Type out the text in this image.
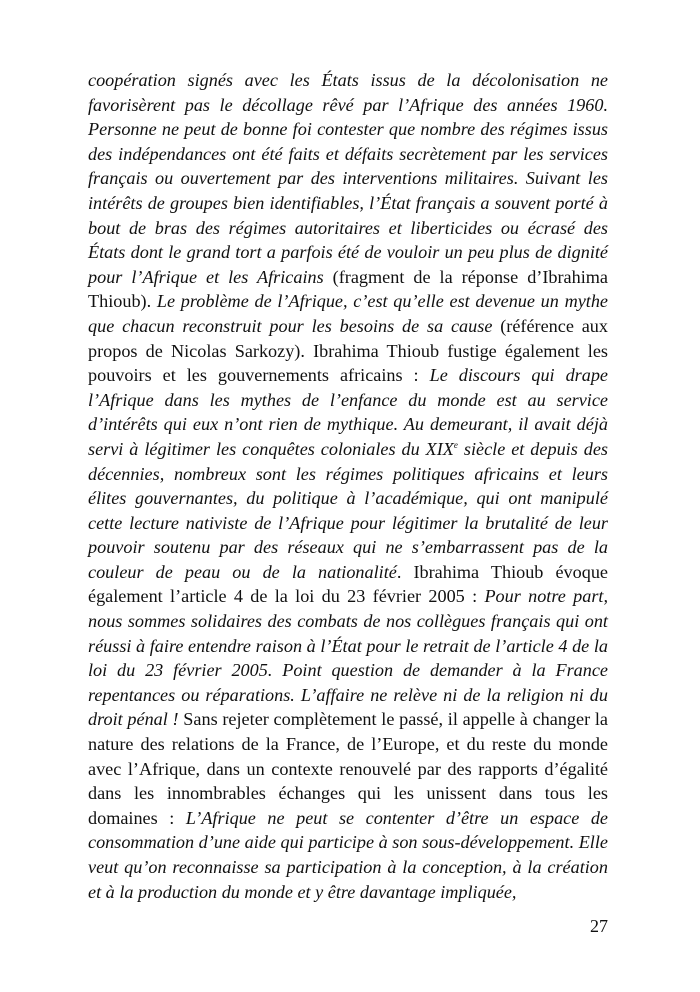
coopération signés avec les États issus de la décolonisation ne favorisèrent pas le décollage rêvé par l’Afrique des années 1960. Personne ne peut de bonne foi contester que nombre des régimes issus des indépendances ont été faits et défaits secrètement par les services français ou ouvertement par des interventions militaires. Suivant les intérêts de groupes bien identifiables, l’État français a souvent porté à bout de bras des régimes autoritaires et liberticides ou écrasé des États dont le grand tort a parfois été de vouloir un peu plus de dignité pour l’Afrique et les Africains (fragment de la réponse d’Ibrahima Thioub). Le problème de l’Afrique, c’est qu’elle est devenue un mythe que chacun reconstruit pour les besoins de sa cause (référence aux propos de Nicolas Sarkozy). Ibrahima Thioub fustige également les pouvoirs et les gouvernements africains : Le discours qui drape l’Afrique dans les mythes de l’enfance du monde est au service d’intérêts qui eux n’ont rien de mythique. Au demeurant, il avait déjà servi à légitimer les conquêtes coloniales du XIXe siècle et depuis des décennies, nombreux sont les régimes politiques africains et leurs élites gouvernantes, du politique à l’académique, qui ont manipulé cette lecture nativiste de l’Afrique pour légitimer la brutalité de leur pouvoir soutenu par des réseaux qui ne s’embarrassent pas de la couleur de peau ou de la nationalité. Ibrahima Thioub évoque également l’article 4 de la loi du 23 février 2005 : Pour notre part, nous sommes solidaires des combats de nos collègues français qui ont réussi à faire entendre raison à l’État pour le retrait de l’article 4 de la loi du 23 février 2005. Point question de demander à la France repentances ou réparations. L’affaire ne relève ni de la religion ni du droit pénal ! Sans rejeter complètement le passé, il appelle à changer la nature des relations de la France, de l’Europe, et du reste du monde avec l’Afrique, dans un contexte renouvelé par des rapports d’égalité dans les innombrables échanges qui les unissent dans tous les domaines : L’Afrique ne peut se contenter d’être un espace de consommation d’une aide qui participe à son sous-développement. Elle veut qu’on reconnaisse sa participation à la conception, à la création et à la production du monde et y être davantage impliquée,

27
